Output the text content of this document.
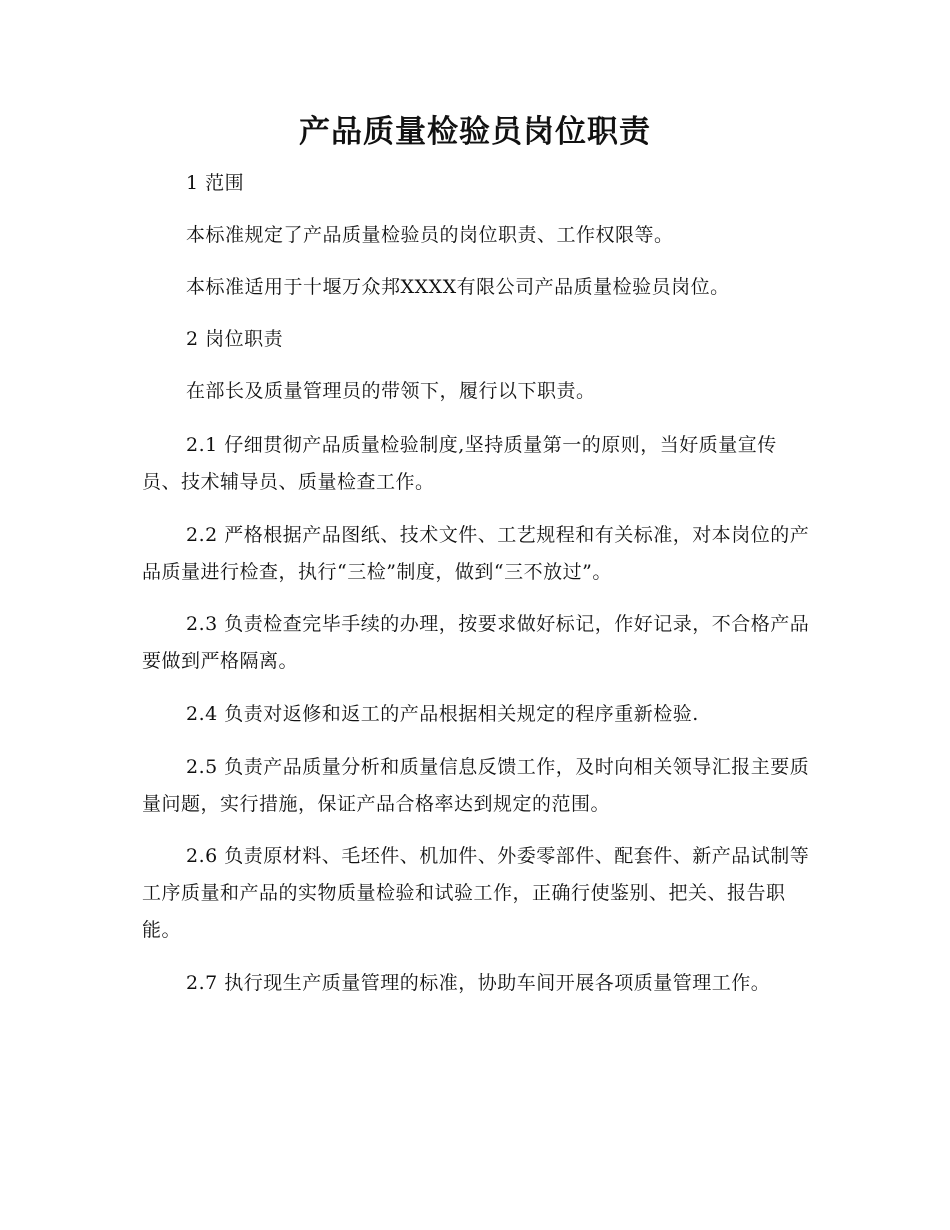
产品质量检验员岗位职责

1 范围

本标准规定了产品质量检验员的岗位职责、工作权限等。

本标准适用于十堰万众邦XXXX有限公司产品质量检验员岗位。

2 岗位职责

在部长及质量管理员的带领下，履行以下职责。

2.1 仔细贯彻产品质量检验制度,坚持质量第一的原则，当好质量宣传员、技术辅导员、质量检查工作。

2.2 严格根据产品图纸、技术文件、工艺规程和有关标准，对本岗位的产品质量进行检查，执行“三检”制度，做到“三不放过”。

2.3 负责检查完毕手续的办理，按要求做好标记，作好记录，不合格产品要做到严格隔离。

2.4 负责对返修和返工的产品根据相关规定的程序重新检验.

2.5 负责产品质量分析和质量信息反馈工作，及时向相关领导汇报主要质量问题，实行措施，保证产品合格率达到规定的范围。

2.6 负责原材料、毛坯件、机加件、外委零部件、配套件、新产品试制等工序质量和产品的实物质量检验和试验工作，正确行使鉴别、把关、报告职能。

2.7 执行现生产质量管理的标准，协助车间开展各项质量管理工作。
